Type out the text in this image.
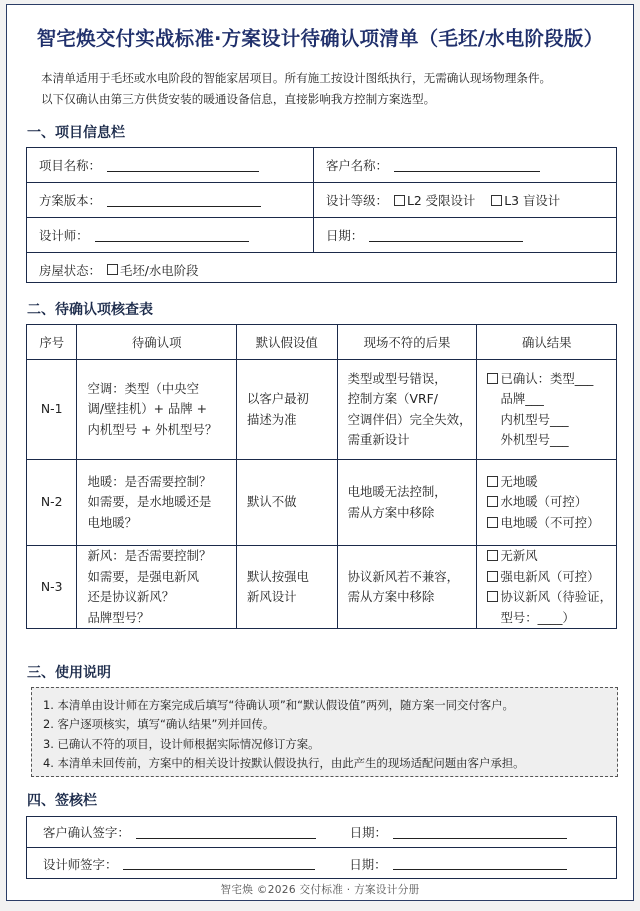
智宅焕交付实战标准·方案设计待确认项清单（毛坯/水电阶段版）
本清单适用于毛坯或水电阶段的智能家居项目。所有施工按设计图纸执行，无需确认现场物理条件。
以下仅确认由第三方供货安装的暖通设备信息，直接影响我方控制方案选型。
一、项目信息栏
项目名称：	客户名称：
方案版本：	设计等级： L2 受限设计 L3 盲设计
设计师：	日期：
房屋状态： 毛坯/水电阶段
二、待确认项核查表
序号	待确认项	默认假设值	现场不符的后果	确认结果
N-1	空调：类型（中央空
调/壁挂机）+ 品牌 +
内机型号 + 外机型号？	以客户最初
描述为准	类型或型号错误，
控制方案（VRF/
空调伴侣）完全失效，
需重新设计	已确认：类型___
品牌___
内机型号___
外机型号___

N-2	地暖：是否需要控制？
如需要，是水地暖还是
电地暖？	默认不做	电地暖无法控制，
需从方案中移除	无地暖
水地暖（可控）
电地暖（不可控）

N-3	新风：是否需要控制？
如需要，是强电新风
还是协议新风？
品牌型号？	默认按强电
新风设计	协议新风若不兼容，
需从方案中移除	无新风
强电新风（可控）
协议新风（待验证，
型号：____）
三、使用说明
1. 本清单由设计师在方案完成后填写“待确认项”和“默认假设值”两列，随方案一同交付客户。
2. 客户逐项核实，填写“确认结果”列并回传。
3. 已确认不符的项目，设计师根据实际情况修订方案。
4. 本清单未回传前，方案中的相关设计按默认假设执行，由此产生的现场适配问题由客户承担。
四、签核栏
客户确认签字：	日期：
设计师签字：	日期：
智宅焕 ©2026 交付标准 · 方案设计分册
